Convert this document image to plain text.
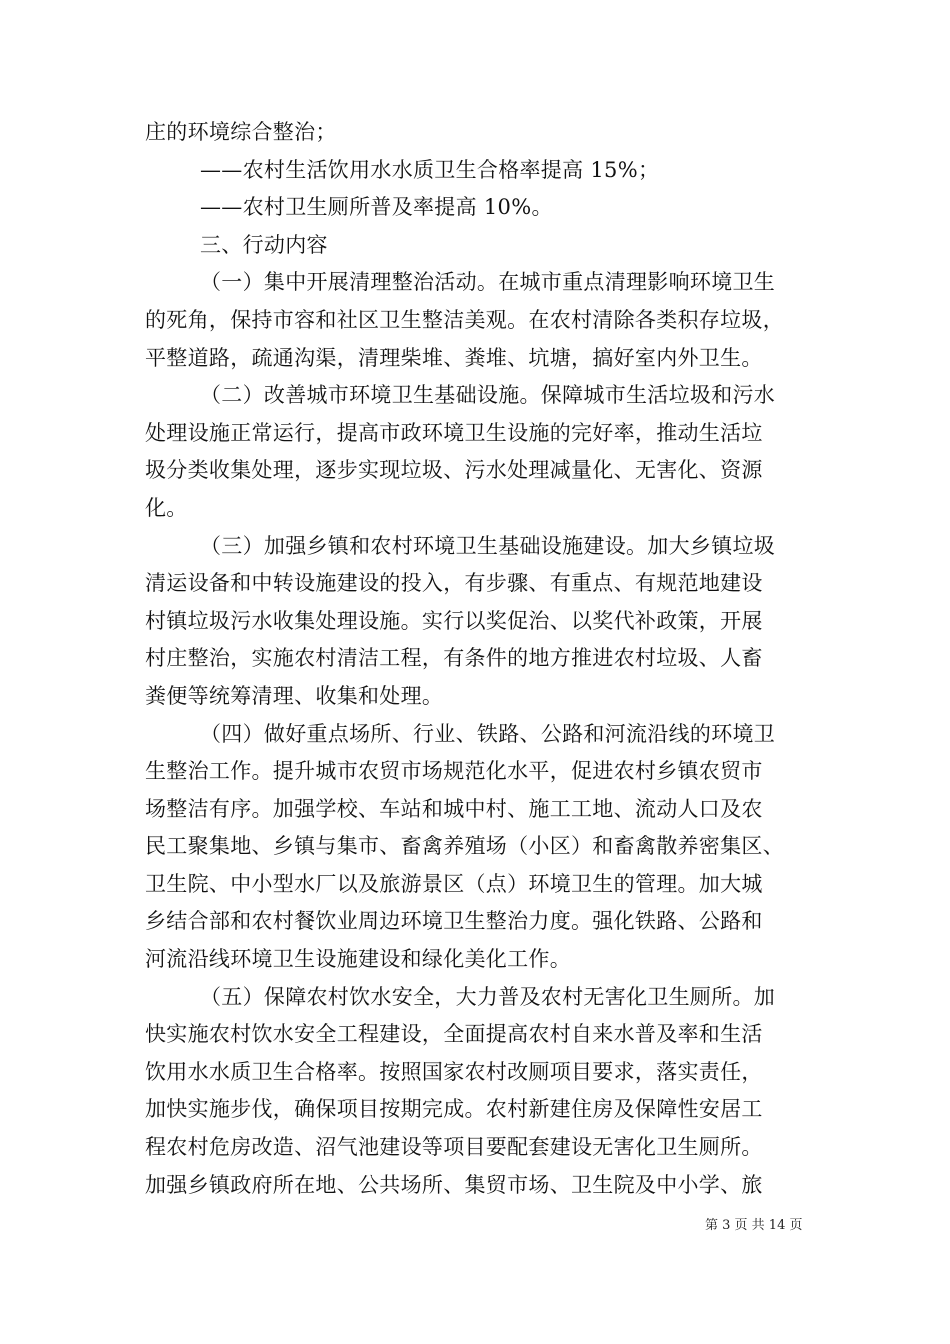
庄的环境综合整治；
——农村生活饮用水水质卫生合格率提高 15%；
——农村卫生厕所普及率提高 10%。
三、行动内容
（一）集中开展清理整治活动。在城市重点清理影响环境卫生
的死角，保持市容和社区卫生整洁美观。在农村清除各类积存垃圾，
平整道路，疏通沟渠，清理柴堆、粪堆、坑塘，搞好室内外卫生。
（二）改善城市环境卫生基础设施。保障城市生活垃圾和污水
处理设施正常运行，提高市政环境卫生设施的完好率，推动生活垃
圾分类收集处理，逐步实现垃圾、污水处理减量化、无害化、资源
化。
（三）加强乡镇和农村环境卫生基础设施建设。加大乡镇垃圾
清运设备和中转设施建设的投入，有步骤、有重点、有规范地建设
村镇垃圾污水收集处理设施。实行以奖促治、以奖代补政策，开展
村庄整治，实施农村清洁工程，有条件的地方推进农村垃圾、人畜
粪便等统筹清理、收集和处理。
（四）做好重点场所、行业、铁路、公路和河流沿线的环境卫
生整治工作。提升城市农贸市场规范化水平，促进农村乡镇农贸市
场整洁有序。加强学校、车站和城中村、施工工地、流动人口及农
民工聚集地、乡镇与集市、畜禽养殖场（小区）和畜禽散养密集区、
卫生院、中小型水厂以及旅游景区（点）环境卫生的管理。加大城
乡结合部和农村餐饮业周边环境卫生整治力度。强化铁路、公路和
河流沿线环境卫生设施建设和绿化美化工作。
（五）保障农村饮水安全，大力普及农村无害化卫生厕所。加
快实施农村饮水安全工程建设，全面提高农村自来水普及率和生活
饮用水水质卫生合格率。按照国家农村改厕项目要求，落实责任，
加快实施步伐，确保项目按期完成。农村新建住房及保障性安居工
程农村危房改造、沼气池建设等项目要配套建设无害化卫生厕所。
加强乡镇政府所在地、公共场所、集贸市场、卫生院及中小学、旅
第 3 页 共 14 页
